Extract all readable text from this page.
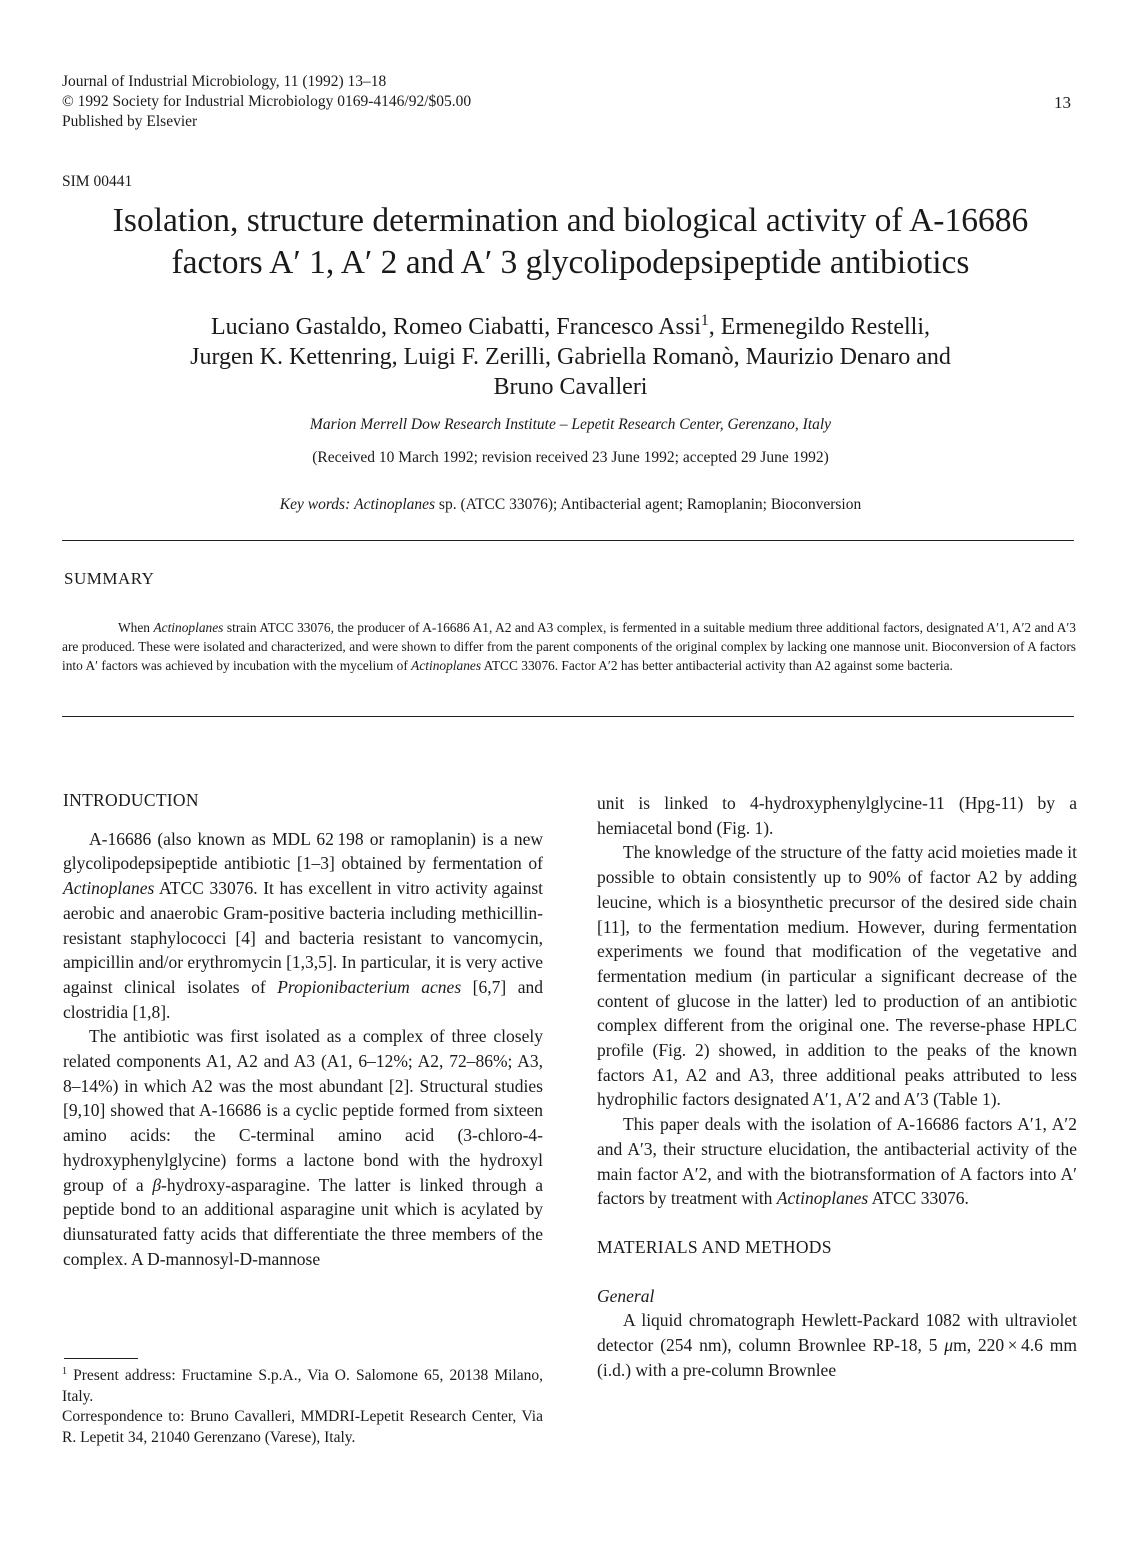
Journal of Industrial Microbiology, 11 (1992) 13–18
© 1992 Society for Industrial Microbiology 0169-4146/92/$05.00
Published by Elsevier
13
SIM 00441
Isolation, structure determination and biological activity of A-16686
factors A′ 1, A′ 2 and A′ 3 glycolipodepsipeptide antibiotics
Luciano Gastaldo, Romeo Ciabatti, Francesco Assi$^1$, Ermenegildo Restelli,
Jurgen K. Kettenring, Luigi F. Zerilli, Gabriella Romanò, Maurizio Denaro and
Bruno Cavalleri
Marion Merrell Dow Research Institute – Lepetit Research Center, Gerenzano, Italy
(Received 10 March 1992; revision received 23 June 1992; accepted 29 June 1992)
Key words: Actinoplanes sp. (ATCC 33076); Antibacterial agent; Ramoplanin; Bioconversion
SUMMARY
When Actinoplanes strain ATCC 33076, the producer of A-16686 A1, A2 and A3 complex, is fermented in a suitable medium three additional factors, designated A′1, A′2 and A′3 are produced. These were isolated and characterized, and were shown to differ from the parent components of the original complex by lacking one mannose unit. Bioconversion of A factors into A′ factors was achieved by incubation with the mycelium of Actinoplanes ATCC 33076. Factor A′2 has better antibacterial activity than A2 against some bacteria.
INTRODUCTION

A-16686 (also known as MDL 62 198 or ramoplanin) is a new glycolipodepsipeptide antibiotic [1–3] obtained by fermentation of Actinoplanes ATCC 33076. It has excellent in vitro activity against aerobic and anaerobic Gram-positive bacteria including methicillin-resistant staphylococci [4] and bacteria resistant to vancomycin, ampicillin and/or erythromycin [1,3,5]. In particular, it is very active against clinical isolates of Propionibacterium acnes [6,7] and clostridia [1,8].

The antibiotic was first isolated as a complex of three closely related components A1, A2 and A3 (A1, 6–12%; A2, 72–86%; A3, 8–14%) in which A2 was the most abundant [2]. Structural studies [9,10] showed that A-16686 is a cyclic peptide formed from sixteen amino acids: the C-terminal amino acid (3-chloro-4-hydroxyphenylglycine) forms a lactone bond with the hydroxyl group of a β-hydroxy-asparagine. The latter is linked through a peptide bond to an additional asparagine unit which is acylated by diunsaturated fatty acids that differentiate the three members of the complex. A D-mannosyl-D-mannose

$^1$ Present address: Fructamine S.p.A., Via O. Salomone 65, 20138 Milano, Italy.

Correspondence to: Bruno Cavalleri, MMDRI-Lepetit Research Center, Via R. Lepetit 34, 21040 Gerenzano (Varese), Italy.

unit is linked to 4-hydroxyphenylglycine-11 (Hpg-11) by a hemiacetal bond (Fig. 1).

The knowledge of the structure of the fatty acid moieties made it possible to obtain consistently up to 90% of factor A2 by adding leucine, which is a biosynthetic precursor of the desired side chain [11], to the fermentation medium. However, during fermentation experiments we found that modification of the vegetative and fermentation medium (in particular a significant decrease of the content of glucose in the latter) led to production of an antibiotic complex different from the original one. The reverse-phase HPLC profile (Fig. 2) showed, in addition to the peaks of the known factors A1, A2 and A3, three additional peaks attributed to less hydrophilic factors designated A′1, A′2 and A′3 (Table 1).

This paper deals with the isolation of A-16686 factors A′1, A′2 and A′3, their structure elucidation, the antibacterial activity of the main factor A′2, and with the biotransformation of A factors into A′ factors by treatment with Actinoplanes ATCC 33076.

MATERIALS AND METHODS
General

A liquid chromatograph Hewlett-Packard 1082 with ultraviolet detector (254 nm), column Brownlee RP-18, 5 μm, 220 × 4.6 mm (i.d.) with a pre-column Brownlee
